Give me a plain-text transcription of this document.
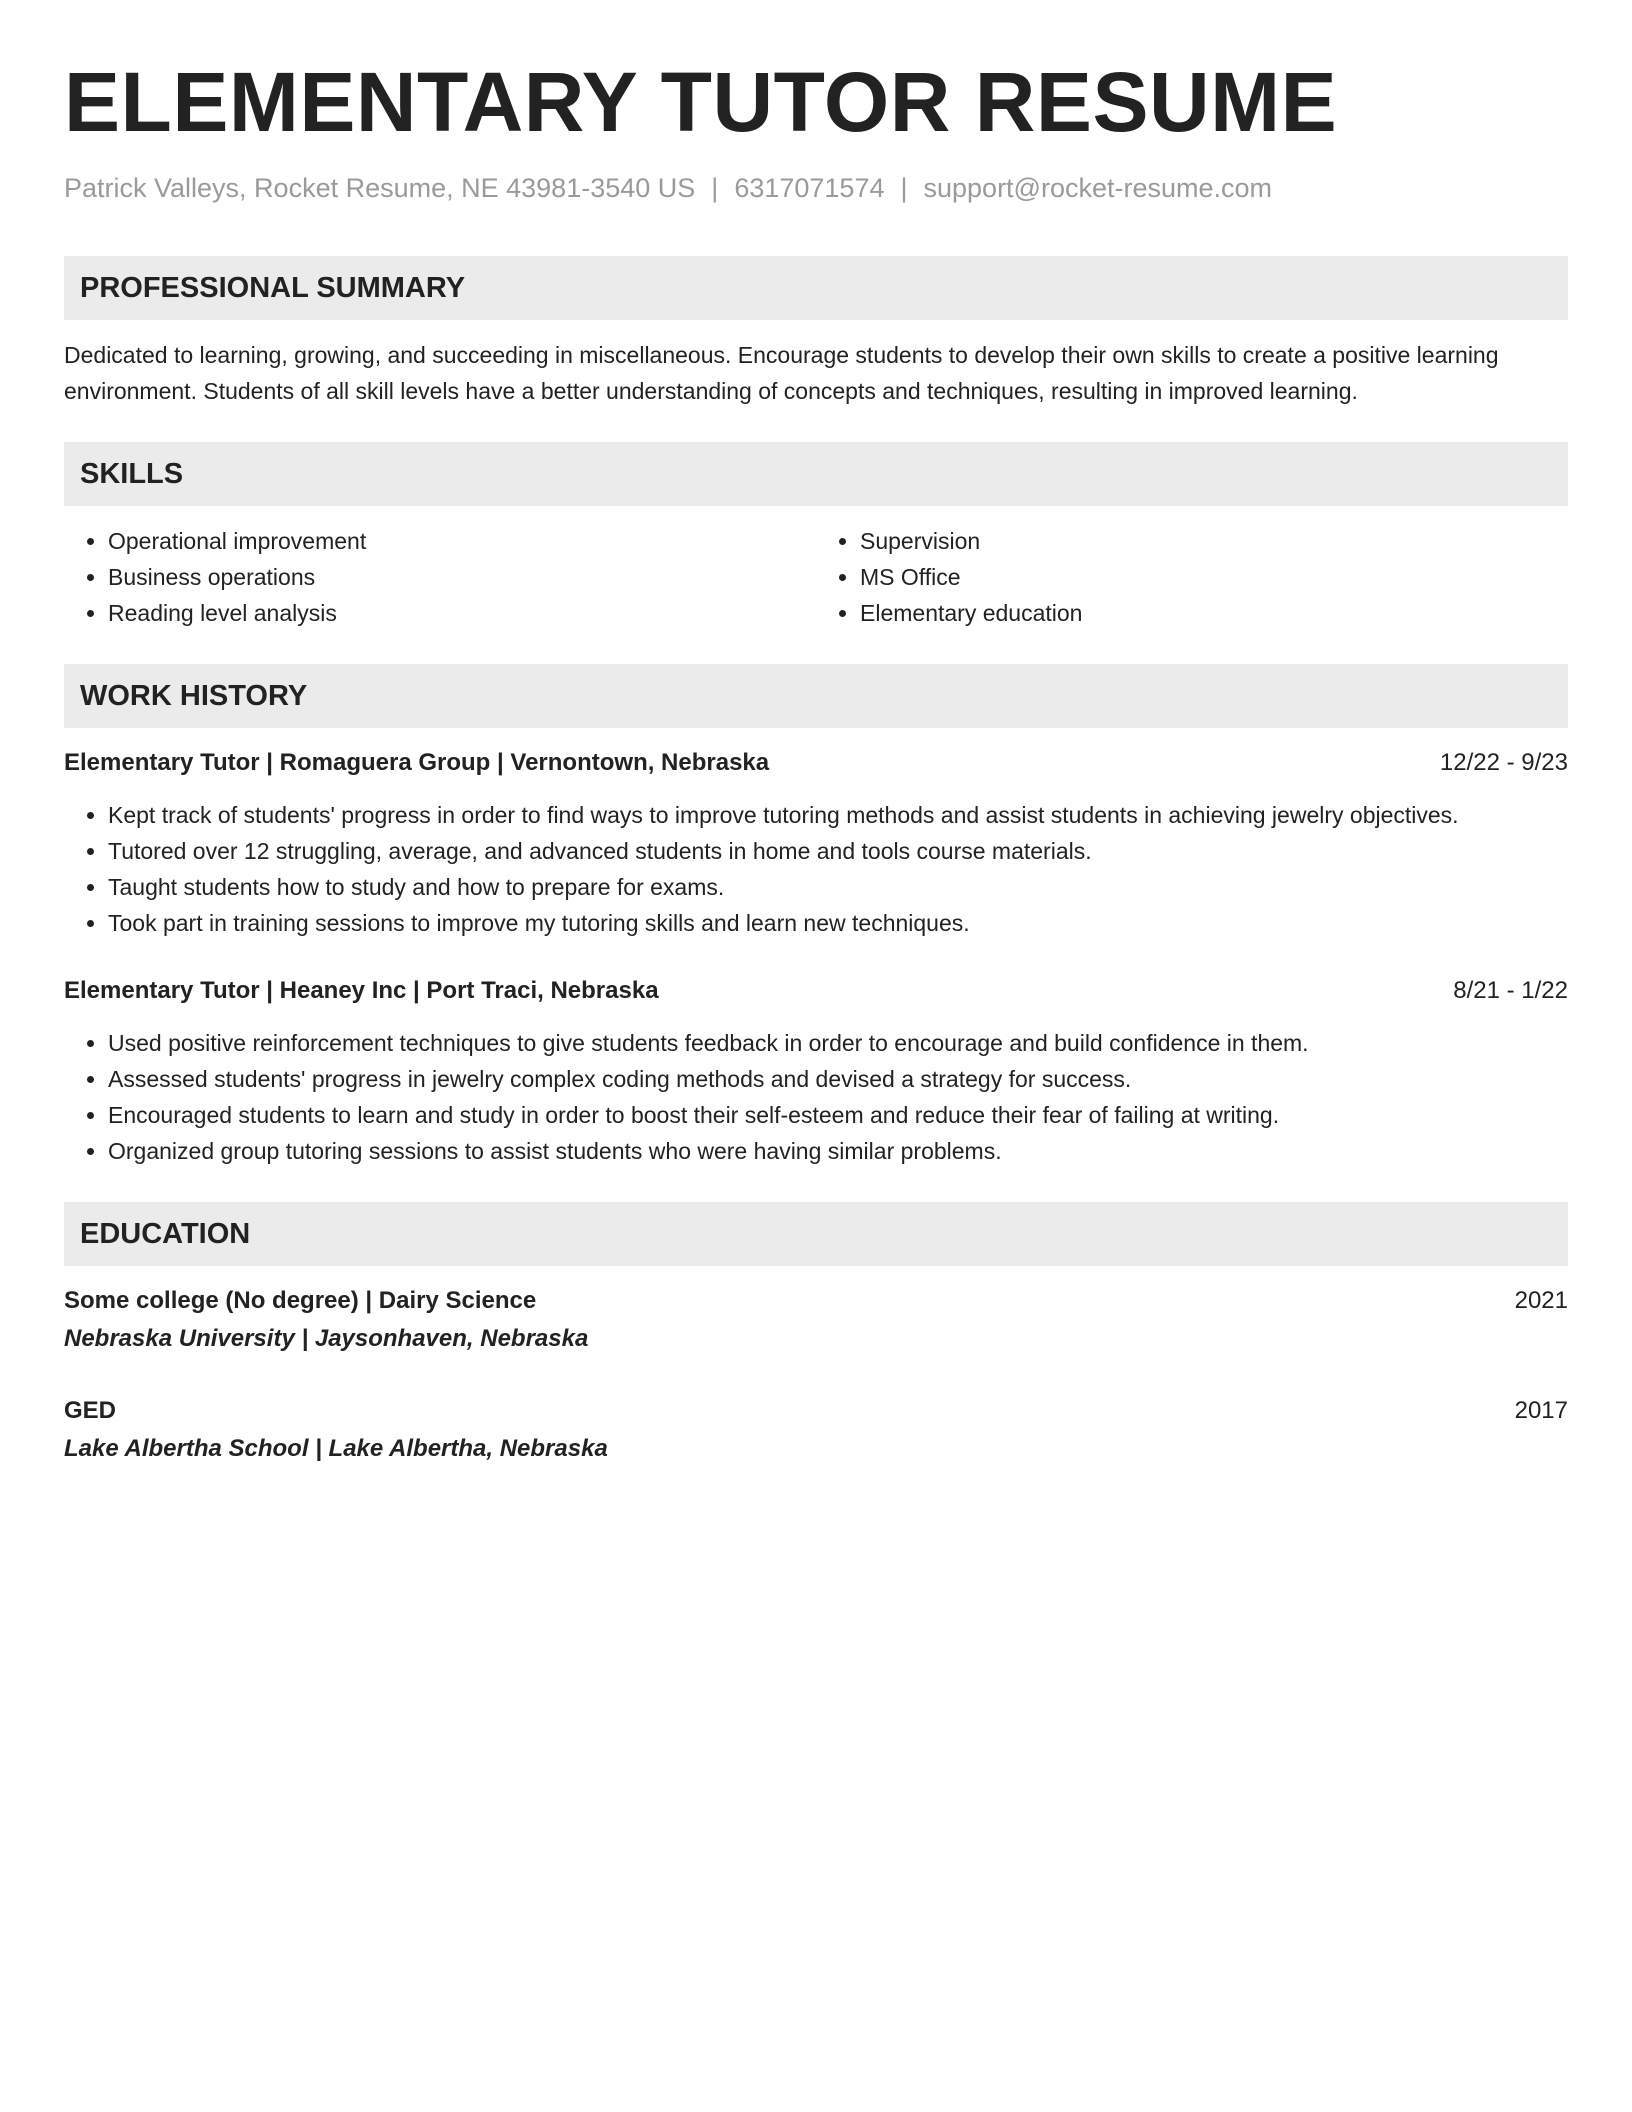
ELEMENTARY TUTOR RESUME
Patrick Valleys, Rocket Resume, NE 43981-3540 US | 6317071574 | support@rocket-resume.com
PROFESSIONAL SUMMARY

Dedicated to learning, growing, and succeeding in miscellaneous. Encourage students to develop their own skills to create a positive learning environment. Students of all skill levels have a better understanding of concepts and techniques, resulting in improved learning.

SKILLS
• Operational improvement
• Business operations
• Reading level analysis
• Supervision
• MS Office
• Elementary education
WORK HISTORY
Elementary Tutor | Romaguera Group | Vernontown, Nebraska	12/22 - 9/23
• Kept track of students' progress in order to find ways to improve tutoring methods and assist students in achieving jewelry objectives.
• Tutored over 12 struggling, average, and advanced students in home and tools course materials.
• Taught students how to study and how to prepare for exams.
• Took part in training sessions to improve my tutoring skills and learn new techniques.
Elementary Tutor | Heaney Inc | Port Traci, Nebraska	8/21 - 1/22
• Used positive reinforcement techniques to give students feedback in order to encourage and build confidence in them.
• Assessed students' progress in jewelry complex coding methods and devised a strategy for success.
• Encouraged students to learn and study in order to boost their self-esteem and reduce their fear of failing at writing.
• Organized group tutoring sessions to assist students who were having similar problems.
EDUCATION
Some college (No degree) | Dairy Science	2021
Nebraska University | Jaysonhaven, Nebraska
GED	2017
Lake Albertha School | Lake Albertha, Nebraska
